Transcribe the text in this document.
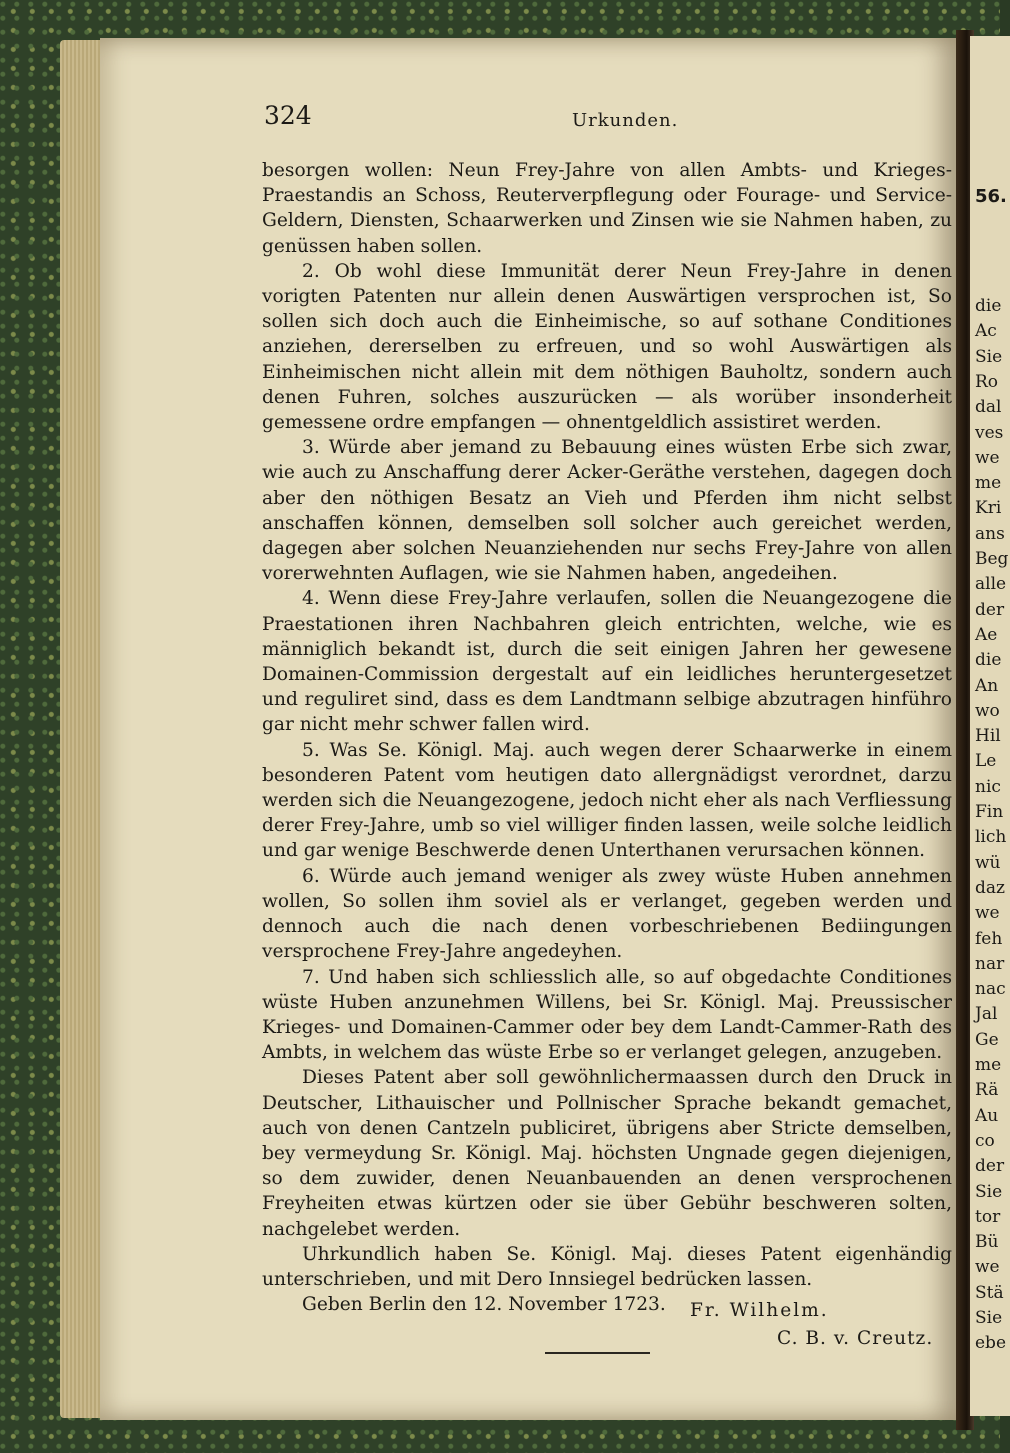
56.
die
Ac
Sie
Ro
dal
ves
we
me
Kri
ans
Beg
alle
der
Ae
die
An
wo
Hil
Le
nic
Fin
lich
wü
daz
we
feh
nar
nac
Jal
Ge
me
Rä
Au
co
der
Sie
tor
Bü
we
Stä
Sie
ebe
324	Urkunden.

besorgen wollen: Neun Frey-Jahre von allen Ambts- und Krieges-Praestandis an Schoss, Reuterverpflegung oder Fourage- und Service-Geldern, Diensten, Schaarwerken und Zinsen wie sie Nahmen haben, zu genüssen haben sollen.

2. Ob wohl diese Immunität derer Neun Frey-Jahre in denen vorigten Patenten nur allein denen Auswärtigen versprochen ist, So sollen sich doch auch die Einheimische, so auf sothane Conditiones anziehen, dererselben zu erfreuen, und so wohl Auswärtigen als Einheimischen nicht allein mit dem nöthigen Bauholtz, sondern auch denen Fuhren, solches auszurücken — als worüber insonderheit gemessene ordre empfangen — ohnentgeldlich assistiret werden.

3. Würde aber jemand zu Bebauung eines wüsten Erbe sich zwar, wie auch zu Anschaffung derer Acker-Geräthe verstehen, dagegen doch aber den nöthigen Besatz an Vieh und Pferden ihm nicht selbst anschaffen können, demselben soll solcher auch gereichet werden, dagegen aber solchen Neuanziehenden nur sechs Frey-Jahre von allen vorerwehnten Auflagen, wie sie Nahmen haben, angedeihen.

4. Wenn diese Frey-Jahre verlaufen, sollen die Neuangezogene die Praestationen ihren Nachbahren gleich entrichten, welche, wie es männiglich bekandt ist, durch die seit einigen Jahren her gewesene Domainen-Commission dergestalt auf ein leidliches heruntergesetzet und reguliret sind, dass es dem Landtmann selbige abzutragen hinführo gar nicht mehr schwer fallen wird.

5. Was Se. Königl. Maj. auch wegen derer Schaarwerke in einem besonderen Patent vom heutigen dato allergnädigst verordnet, darzu werden sich die Neuangezogene, jedoch nicht eher als nach Verfliessung derer Frey-Jahre, umb so viel williger finden lassen, weile solche leidlich und gar wenige Beschwerde denen Unterthanen verursachen können.

6. Würde auch jemand weniger als zwey wüste Huben annehmen wollen, So sollen ihm soviel als er verlanget, gegeben werden und dennoch auch die nach denen vorbeschriebenen Bediingungen versprochene Frey-Jahre angedeyhen.

7. Und haben sich schliesslich alle, so auf obgedachte Conditiones wüste Huben anzunehmen Willens, bei Sr. Königl. Maj. Preussischer Krieges- und Domainen-Cammer oder bey dem Landt-Cammer-Rath des Ambts, in welchem das wüste Erbe so er verlanget gelegen, anzugeben.

Dieses Patent aber soll gewöhnlichermaassen durch den Druck in Deutscher, Lithauischer und Pollnischer Sprache bekandt gemachet, auch von denen Cantzeln publiciret, übrigens aber Stricte demselben, bey vermeydung Sr. Königl. Maj. höchsten Ungnade gegen diejenigen, so dem zuwider, denen Neuanbauenden an denen versprochenen Freyheiten etwas kürtzen oder sie über Gebühr beschweren solten, nachgelebet werden.

Uhrkundlich haben Se. Königl. Maj. dieses Patent eigenhändig unterschrieben, und mit Dero Innsiegel bedrücken lassen.

Geben Berlin den 12. November 1723.	Fr. Wilhelm.
C. B. v. Creutz.
